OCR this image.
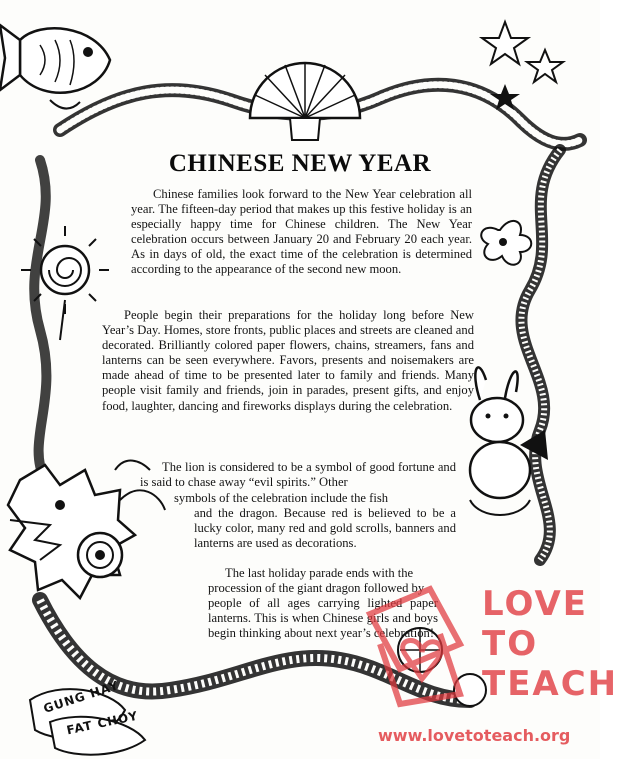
CHINESE NEW YEAR

Chinese families look forward to the New Year celebration all year. The fifteen-day period that makes up this festive holiday is an especially happy time for Chinese children. The New Year celebration occurs between January 20 and February 20 each year. As in days of old, the exact time of the celebration is determined according to the appearance of the second new moon.

People begin their preparations for the holiday long before New Year’s Day. Homes, store fronts, public places and streets are cleaned and decorated. Brilliantly colored paper flowers, chains, streamers, fans and lanterns can be seen everywhere. Favors, presents and noisemakers are made ahead of time to be presented later to family and friends. Many people visit family and friends, join in parades, present gifts, and enjoy food, laughter, dancing and fireworks displays during the celebration.

The lion is considered to be a symbol of good fortune and is said to chase away “evil spirits.” Other

symbols of the celebration include the fish

and the dragon. Because red is believed to be a lucky color, many red and gold scrolls, banners and lanterns are used as decorations.

The last holiday parade ends with the

procession of the giant dragon followed by

people of all ages carrying lighted paper lanterns. This is when Chinese girls and boys begin thinking about next year’s celebration!

GUNG HAY
FAT CHOY
LOVE
TO
TEACH
www.lovetoteach.org
